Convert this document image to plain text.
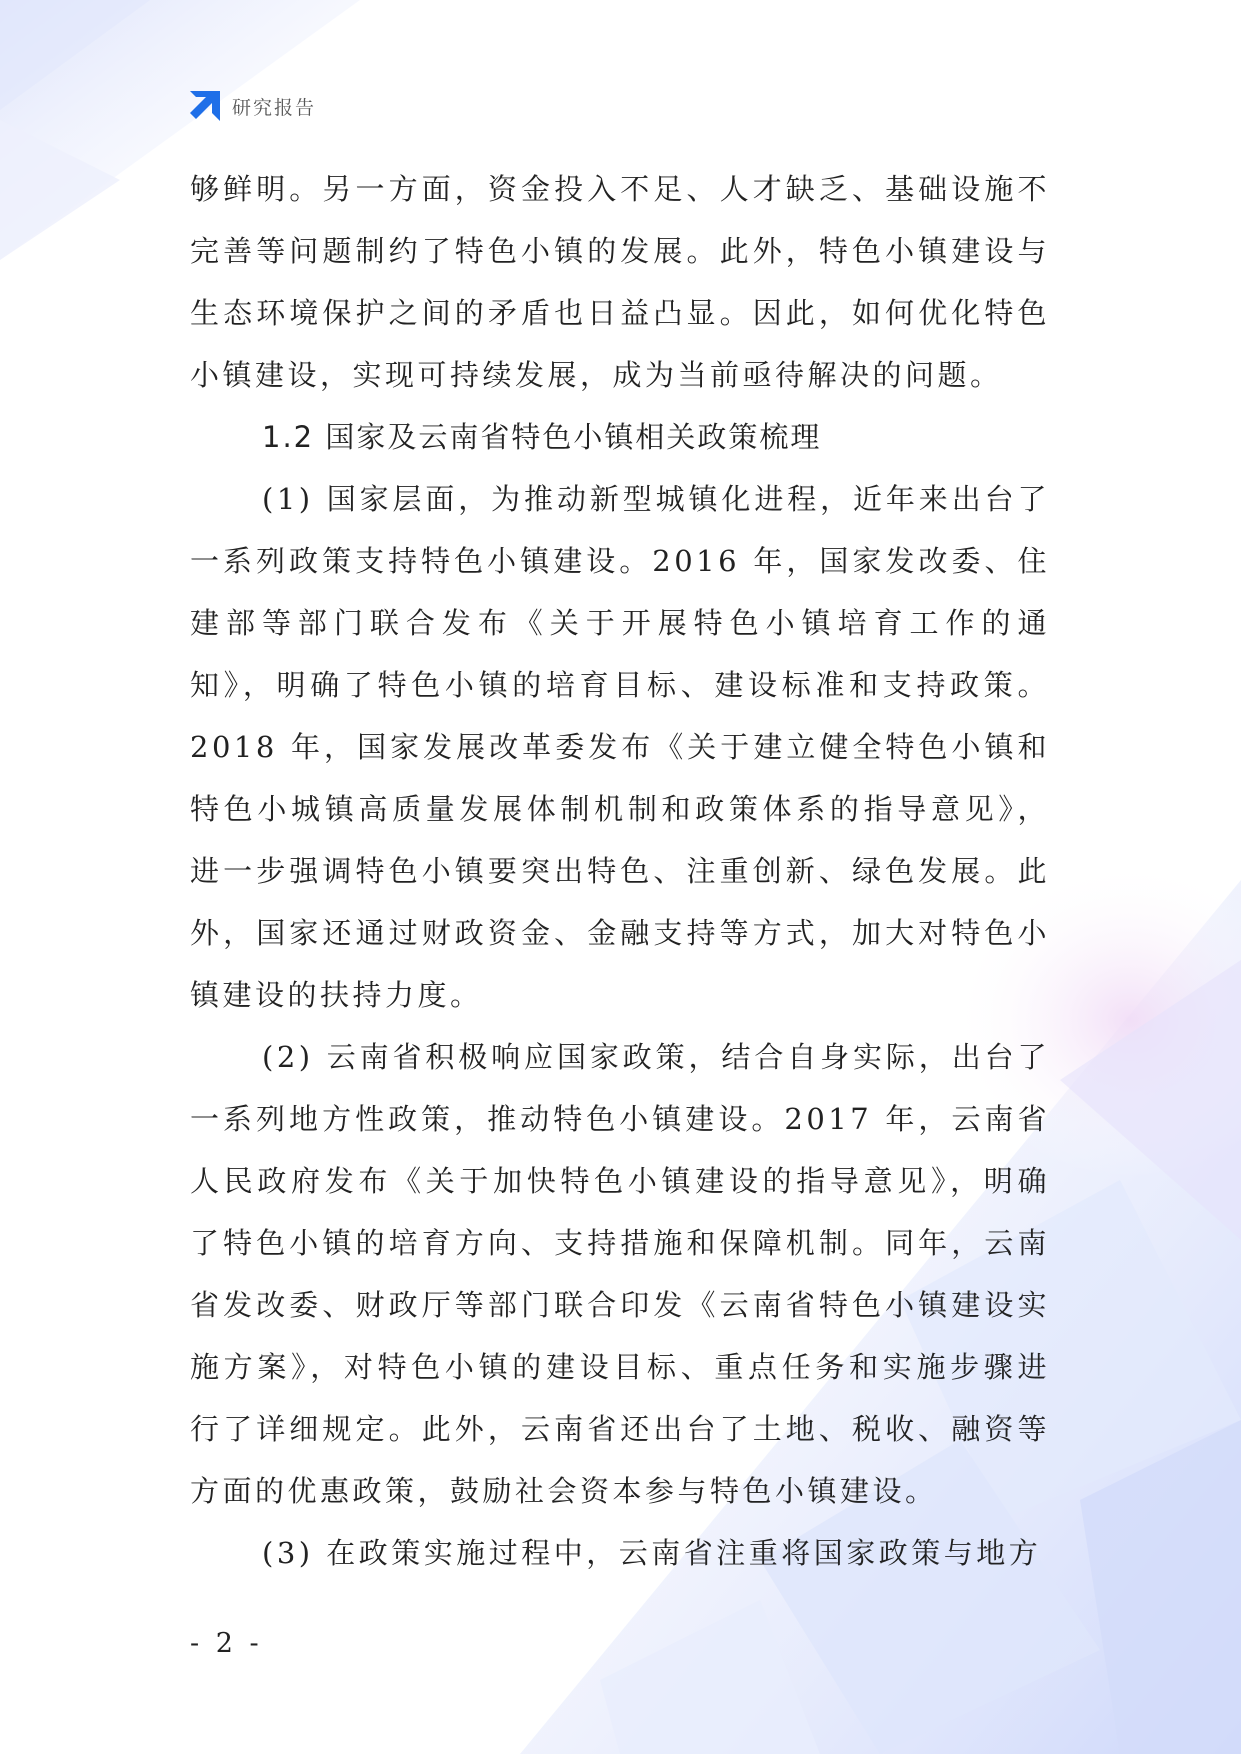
研究报告

够鲜明。另一方面，资金投入不足、人才缺乏、基础设施不完善等问题制约了特色小镇的发展。此外，特色小镇建设与生态环境保护之间的矛盾也日益凸显。因此，如何优化特色小镇建设，实现可持续发展，成为当前亟待解决的问题。

1.2 国家及云南省特色小镇相关政策梳理

(1) 国家层面，为推动新型城镇化进程，近年来出台了一系列政策支持特色小镇建设。2016 年，国家发改委、住建部等部门联合发布《关于开展特色小镇培育工作的通知》，明确了特色小镇的培育目标、建设标准和支持政策。2018 年，国家发展改革委发布《关于建立健全特色小镇和特色小城镇高质量发展体制机制和政策体系的指导意见》，进一步强调特色小镇要突出特色、注重创新、绿色发展。此外，国家还通过财政资金、金融支持等方式，加大对特色小镇建设的扶持力度。

(2) 云南省积极响应国家政策，结合自身实际，出台了一系列地方性政策，推动特色小镇建设。2017 年，云南省人民政府发布《关于加快特色小镇建设的指导意见》，明确了特色小镇的培育方向、支持措施和保障机制。同年，云南省发改委、财政厅等部门联合印发《云南省特色小镇建设实施方案》，对特色小镇的建设目标、重点任务和实施步骤进行了详细规定。此外，云南省还出台了土地、税收、融资等方面的优惠政策，鼓励社会资本参与特色小镇建设。

(3) 在政策实施过程中，云南省注重将国家政策与地方

- 2 -
